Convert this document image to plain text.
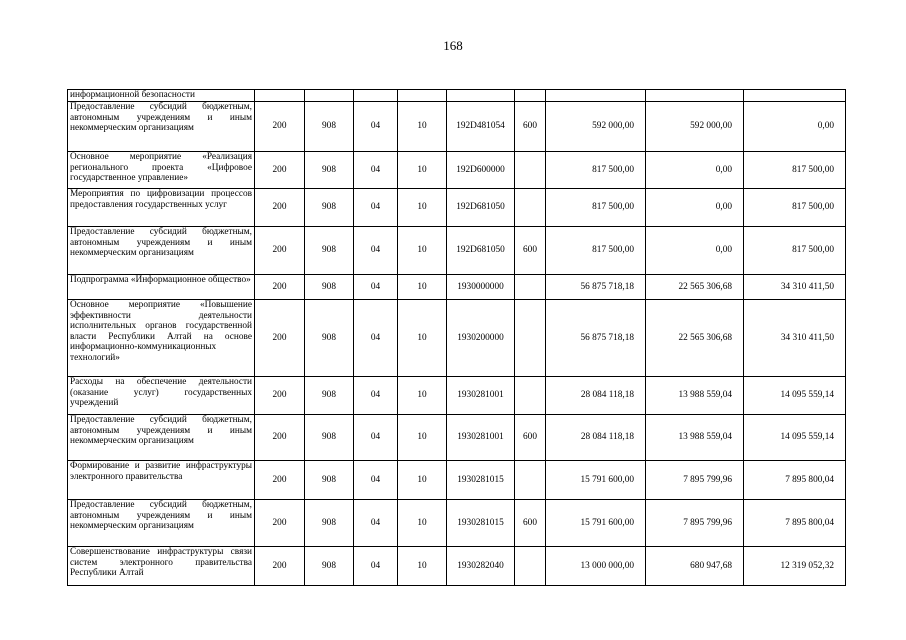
168
информационной безопасности									
Предоставление субсидий бюджетным, автономным учреждениям и иным некоммерческим организациям	200	908	04	10	192D481054	600	592 000,00	592 000,00	0,00
Основное мероприятие «Реализация регионального проекта «Цифровое государственное управление»	200	908	04	10	192D600000		817 500,00	0,00	817 500,00
Мероприятия по цифровизации процессов предоставления государственных услуг	200	908	04	10	192D681050		817 500,00	0,00	817 500,00
Предоставление субсидий бюджетным, автономным учреждениям и иным некоммерческим организациям	200	908	04	10	192D681050	600	817 500,00	0,00	817 500,00
Подпрограмма «Информационное общество»	200	908	04	10	1930000000		56 875 718,18	22 565 306,68	34 310 411,50
Основное мероприятие «Повышение эффективности деятельности исполнительных органов государственной власти Республики Алтай на основе информационно-коммуникационных технологий»	200	908	04	10	1930200000		56 875 718,18	22 565 306,68	34 310 411,50
Расходы на обеспечение деятельности (оказание услуг) государственных учреждений	200	908	04	10	1930281001		28 084 118,18	13 988 559,04	14 095 559,14
Предоставление субсидий бюджетным, автономным учреждениям и иным некоммерческим организациям	200	908	04	10	1930281001	600	28 084 118,18	13 988 559,04	14 095 559,14
Формирование и развитие инфраструктуры электронного правительства	200	908	04	10	1930281015		15 791 600,00	7 895 799,96	7 895 800,04
Предоставление субсидий бюджетным, автономным учреждениям и иным некоммерческим организациям	200	908	04	10	1930281015	600	15 791 600,00	7 895 799,96	7 895 800,04
Совершенствование инфраструктуры связи систем электронного правительства Республики Алтай	200	908	04	10	1930282040		13 000 000,00	680 947,68	12 319 052,32
